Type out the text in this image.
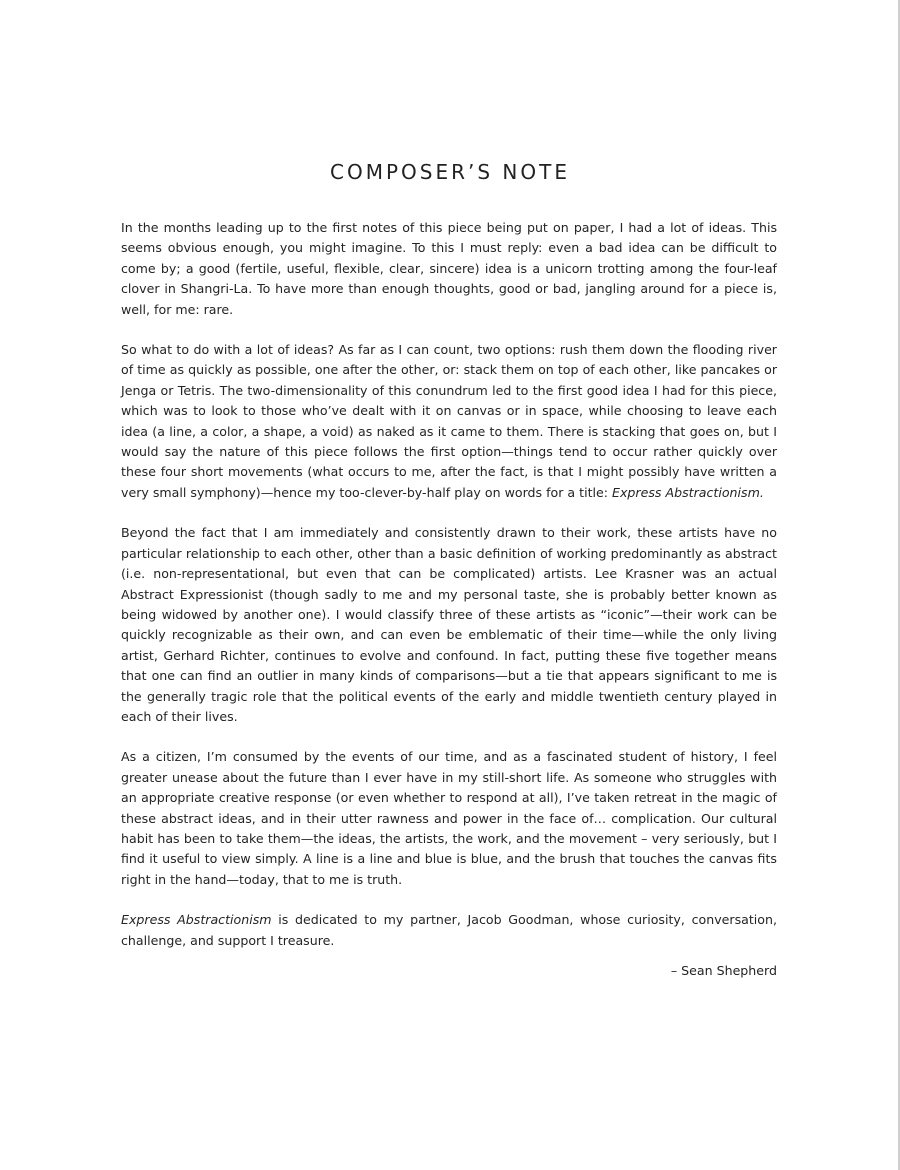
COMPOSER’S NOTE

In the months leading up to the first notes of this piece being put on paper, I had a lot of ideas. This seems obvious enough, you might imagine. To this I must reply: even a bad idea can be difficult to come by; a good (fertile, useful, flexible, clear, sincere) idea is a unicorn trotting among the four-leaf clover in Shangri-La. To have more than enough thoughts, good or bad, jangling around for a piece is, well, for me: rare.

So what to do with a lot of ideas? As far as I can count, two options: rush them down the flooding river of time as quickly as possible, one after the other, or: stack them on top of each other, like pancakes or Jenga or Tetris. The two-dimensionality of this conundrum led to the first good idea I had for this piece, which was to look to those who’ve dealt with it on canvas or in space, while choosing to leave each idea (a line, a color, a shape, a void) as naked as it came to them. There is stacking that goes on, but I would say the nature of this piece follows the first option—things tend to occur rather quickly over these four short movements (what occurs to me, after the fact, is that I might possibly have written a very small symphony)—hence my too-clever-by-half play on words for a title: Express Abstractionism.

Beyond the fact that I am immediately and consistently drawn to their work, these artists have no particular relationship to each other, other than a basic definition of working predominantly as abstract (i.e. non-representational, but even that can be complicated) artists. Lee Krasner was an actual Abstract Expressionist (though sadly to me and my personal taste, she is probably better known as being widowed by another one). I would classify three of these artists as “iconic”—their work can be quickly recognizable as their own, and can even be emblematic of their time—while the only living artist, Gerhard Richter, continues to evolve and confound. In fact, putting these five together means that one can find an outlier in many kinds of comparisons—but a tie that appears significant to me is the generally tragic role that the political events of the early and middle twentieth century played in each of their lives.

As a citizen, I’m consumed by the events of our time, and as a fascinated student of history, I feel greater unease about the future than I ever have in my still-short life. As someone who struggles with an appropriate creative response (or even whether to respond at all), I’ve taken retreat in the magic of these abstract ideas, and in their utter rawness and power in the face of… complication. Our cultural habit has been to take them—the ideas, the artists, the work, and the movement – very seriously, but I find it useful to view simply. A line is a line and blue is blue, and the brush that touches the canvas fits right in the hand—today, that to me is truth.

Express Abstractionism is dedicated to my partner, Jacob Goodman, whose curiosity, conversation, challenge, and support I treasure.

– Sean Shepherd
